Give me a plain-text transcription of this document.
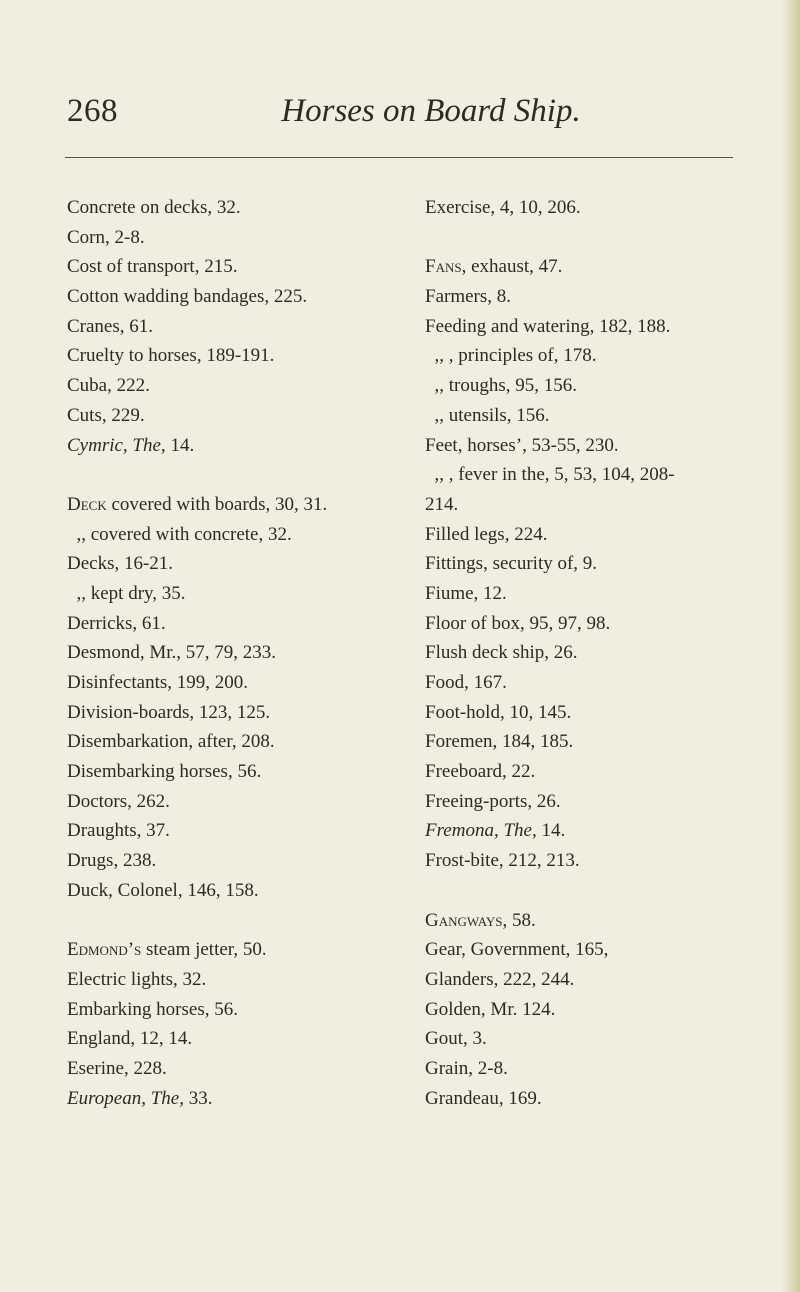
268	Horses on Board Ship.
Concrete on decks, 32.
Corn, 2-8.
Cost of transport, 215.
Cotton wadding bandages, 225.
Cranes, 61.
Cruelty to horses, 189-191.
Cuba, 222.
Cuts, 229.
Cymric, The, 14.
Deck covered with boards, 30, 31.
,, covered with concrete, 32.
Decks, 16-21.
,, kept dry, 35.
Derricks, 61.
Desmond, Mr., 57, 79, 233.
Disinfectants, 199, 200.
Division-boards, 123, 125.
Disembarkation, after, 208.
Disembarking horses, 56.
Doctors, 262.
Draughts, 37.
Drugs, 238.
Duck, Colonel, 146, 158.
Edmond’s steam jetter, 50.
Electric lights, 32.
Embarking horses, 56.
England, 12, 14.
Eserine, 228.
European, The, 33.
Exercise, 4, 10, 206.
Fans, exhaust, 47.
Farmers, 8.
Feeding and watering, 182, 188.
,, , principles of, 178.
,, troughs, 95, 156.
,, utensils, 156.
Feet, horses’, 53-55, 230.
,, , fever in the, 5, 53, 104, 208-
214.
Filled legs, 224.
Fittings, security of, 9.
Fiume, 12.
Floor of box, 95, 97, 98.
Flush deck ship, 26.
Food, 167.
Foot-hold, 10, 145.
Foremen, 184, 185.
Freeboard, 22.
Freeing-ports, 26.
Fremona, The, 14.
Frost-bite, 212, 213.
Gangways, 58.
Gear, Government, 165,
Glanders, 222, 244.
Golden, Mr. 124.
Gout, 3.
Grain, 2-8.
Grandeau, 169.
